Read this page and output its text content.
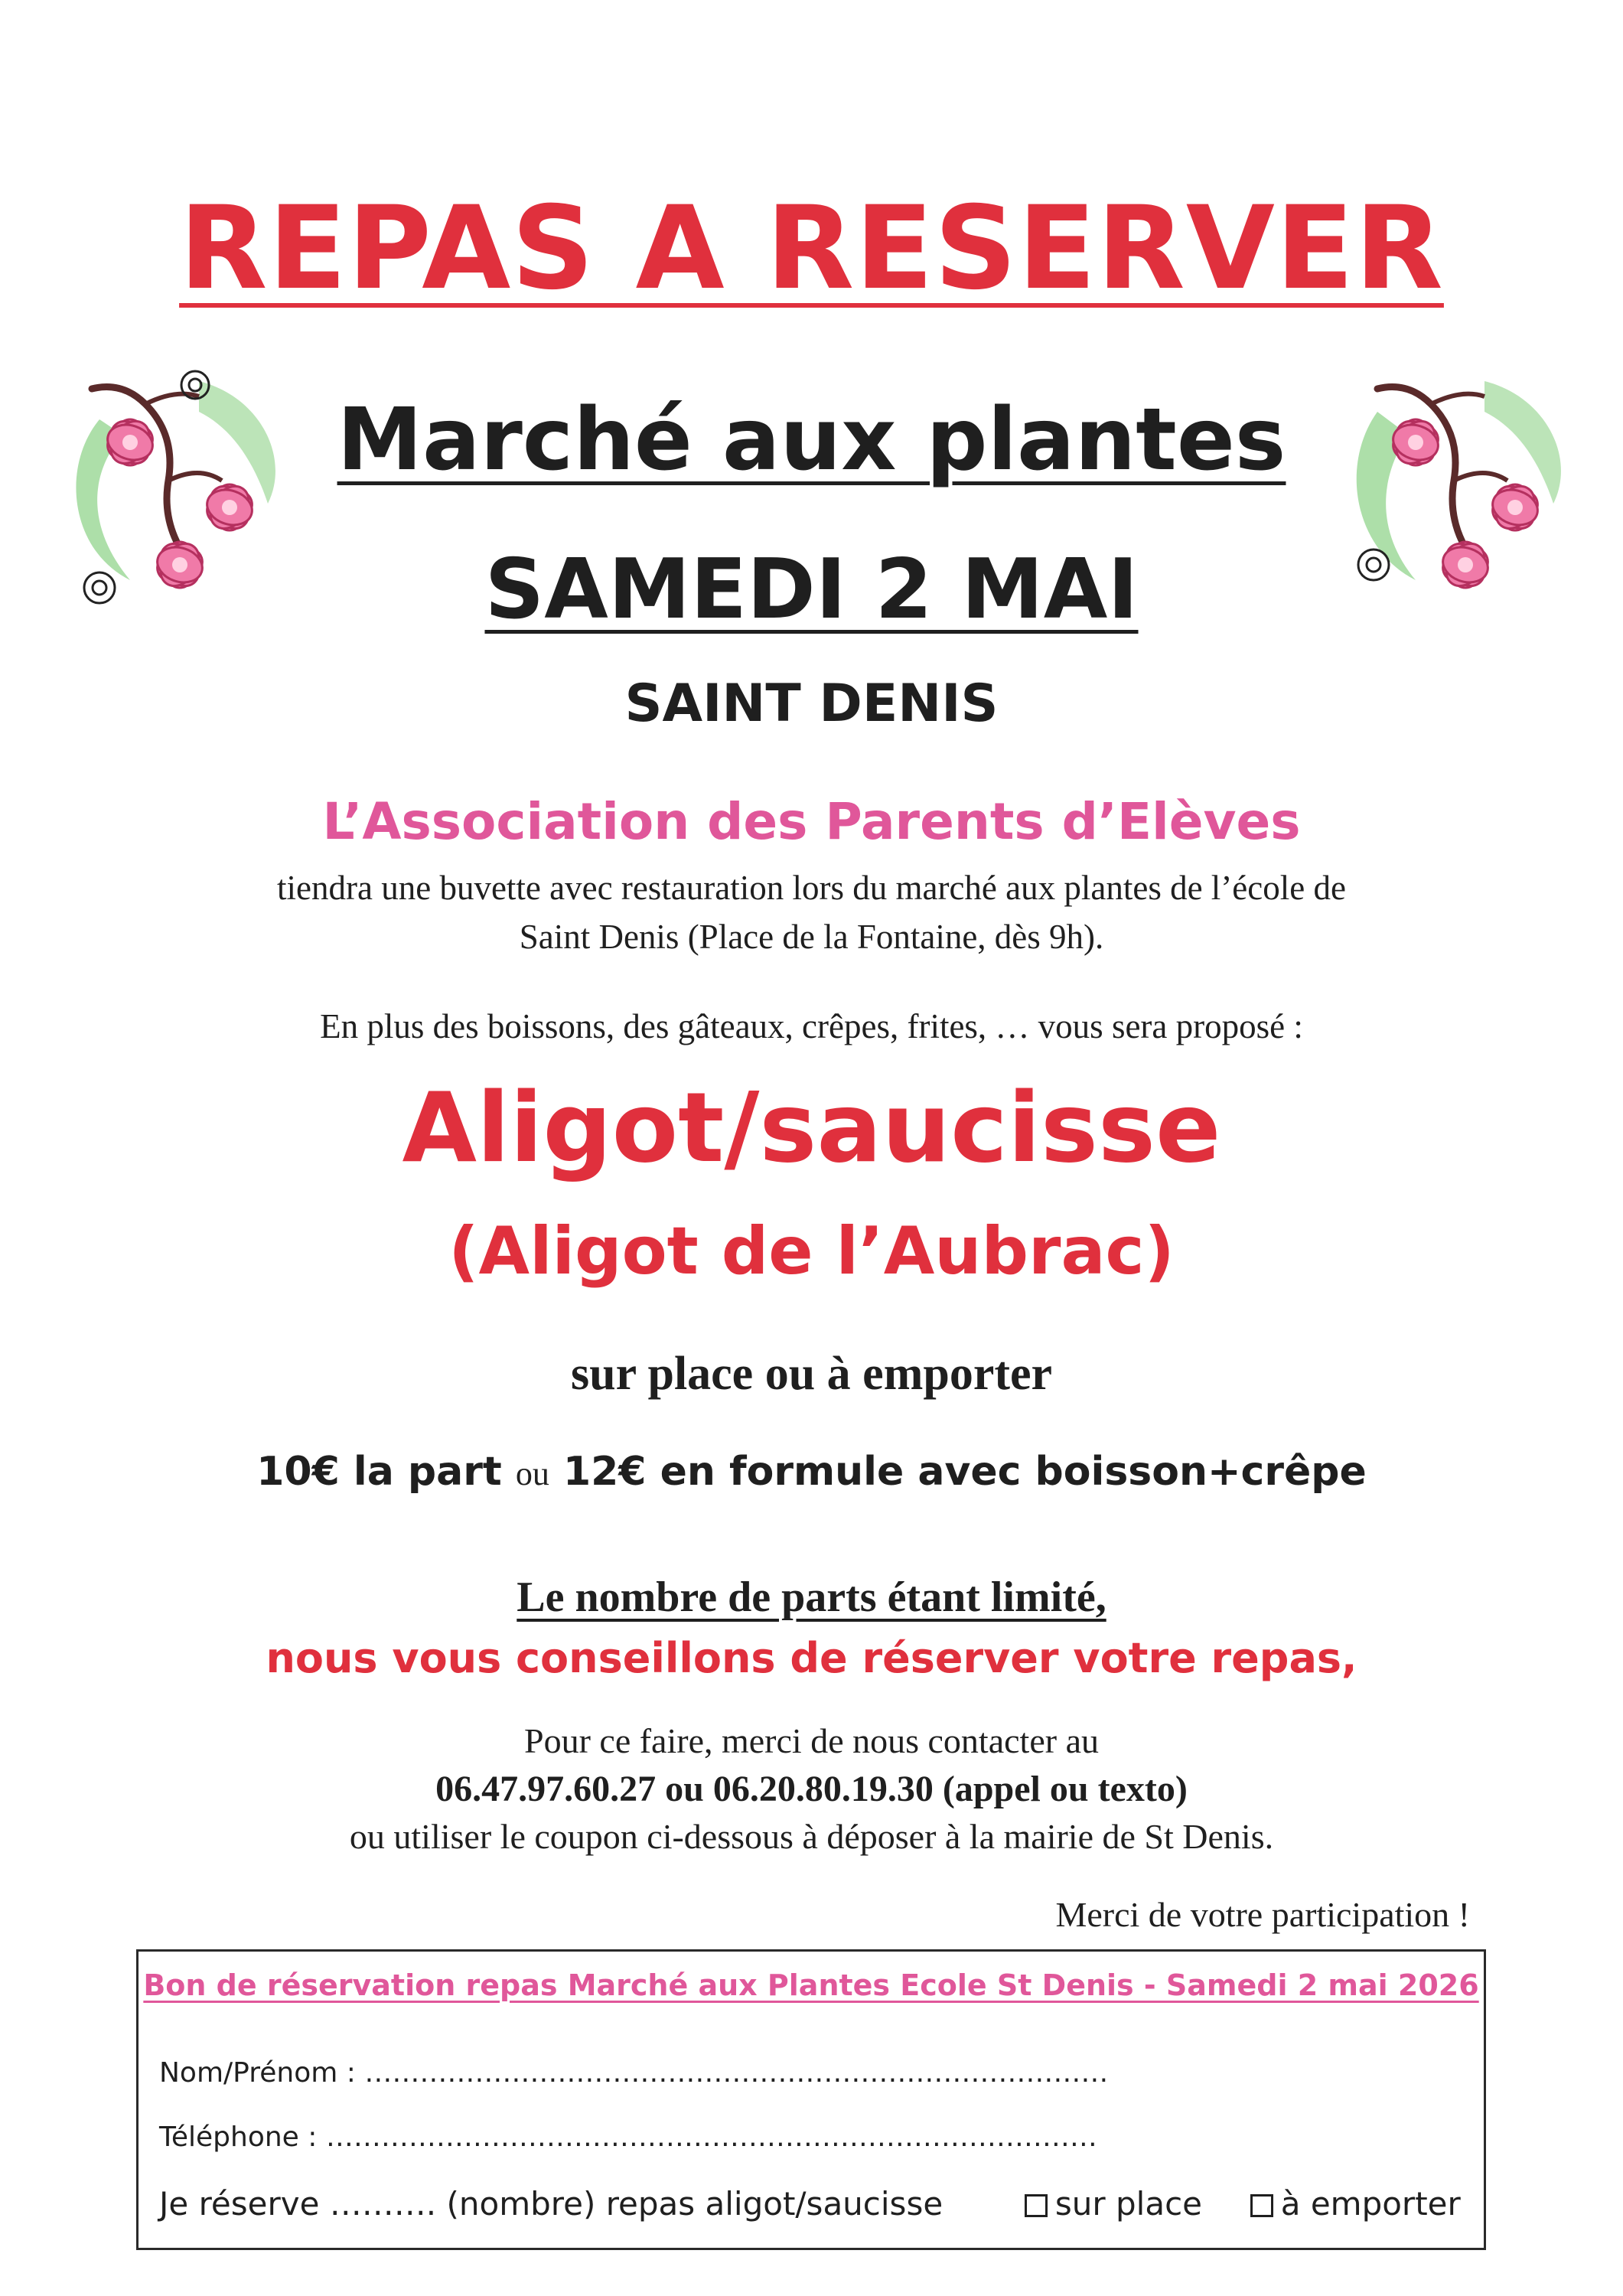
REPAS A RESERVER
Marché aux plantes
SAMEDI 2 MAI
SAINT DENIS
L’Association des Parents d’Elèves
tiendra une buvette avec restauration lors du marché aux plantes de l’école de
Saint Denis (Place de la Fontaine, dès 9h).
En plus des boissons, des gâteaux, crêpes, frites, … vous sera proposé :
Aligot/saucisse
(Aligot de l’Aubrac)
sur place ou à emporter
10€ la part ou 12€ en formule avec boisson+crêpe
Le nombre de parts étant limité,
nous vous conseillons de réserver votre repas,
Pour ce faire, merci de nous contacter au
06.47.97.60.27 ou 06.20.80.19.30 (appel ou texto)
ou utiliser le coupon ci-dessous à déposer à la mairie de St Denis.
Merci de votre participation !
Bon de réservation repas Marché aux Plantes Ecole St Denis - Samedi 2 mai 2026
Nom/Prénom : ………………………………………………………………………
Téléphone : …………………………………………………………………………
Je réserve ………. (nombre) repas aligot/saucisse	sur place à emporter
